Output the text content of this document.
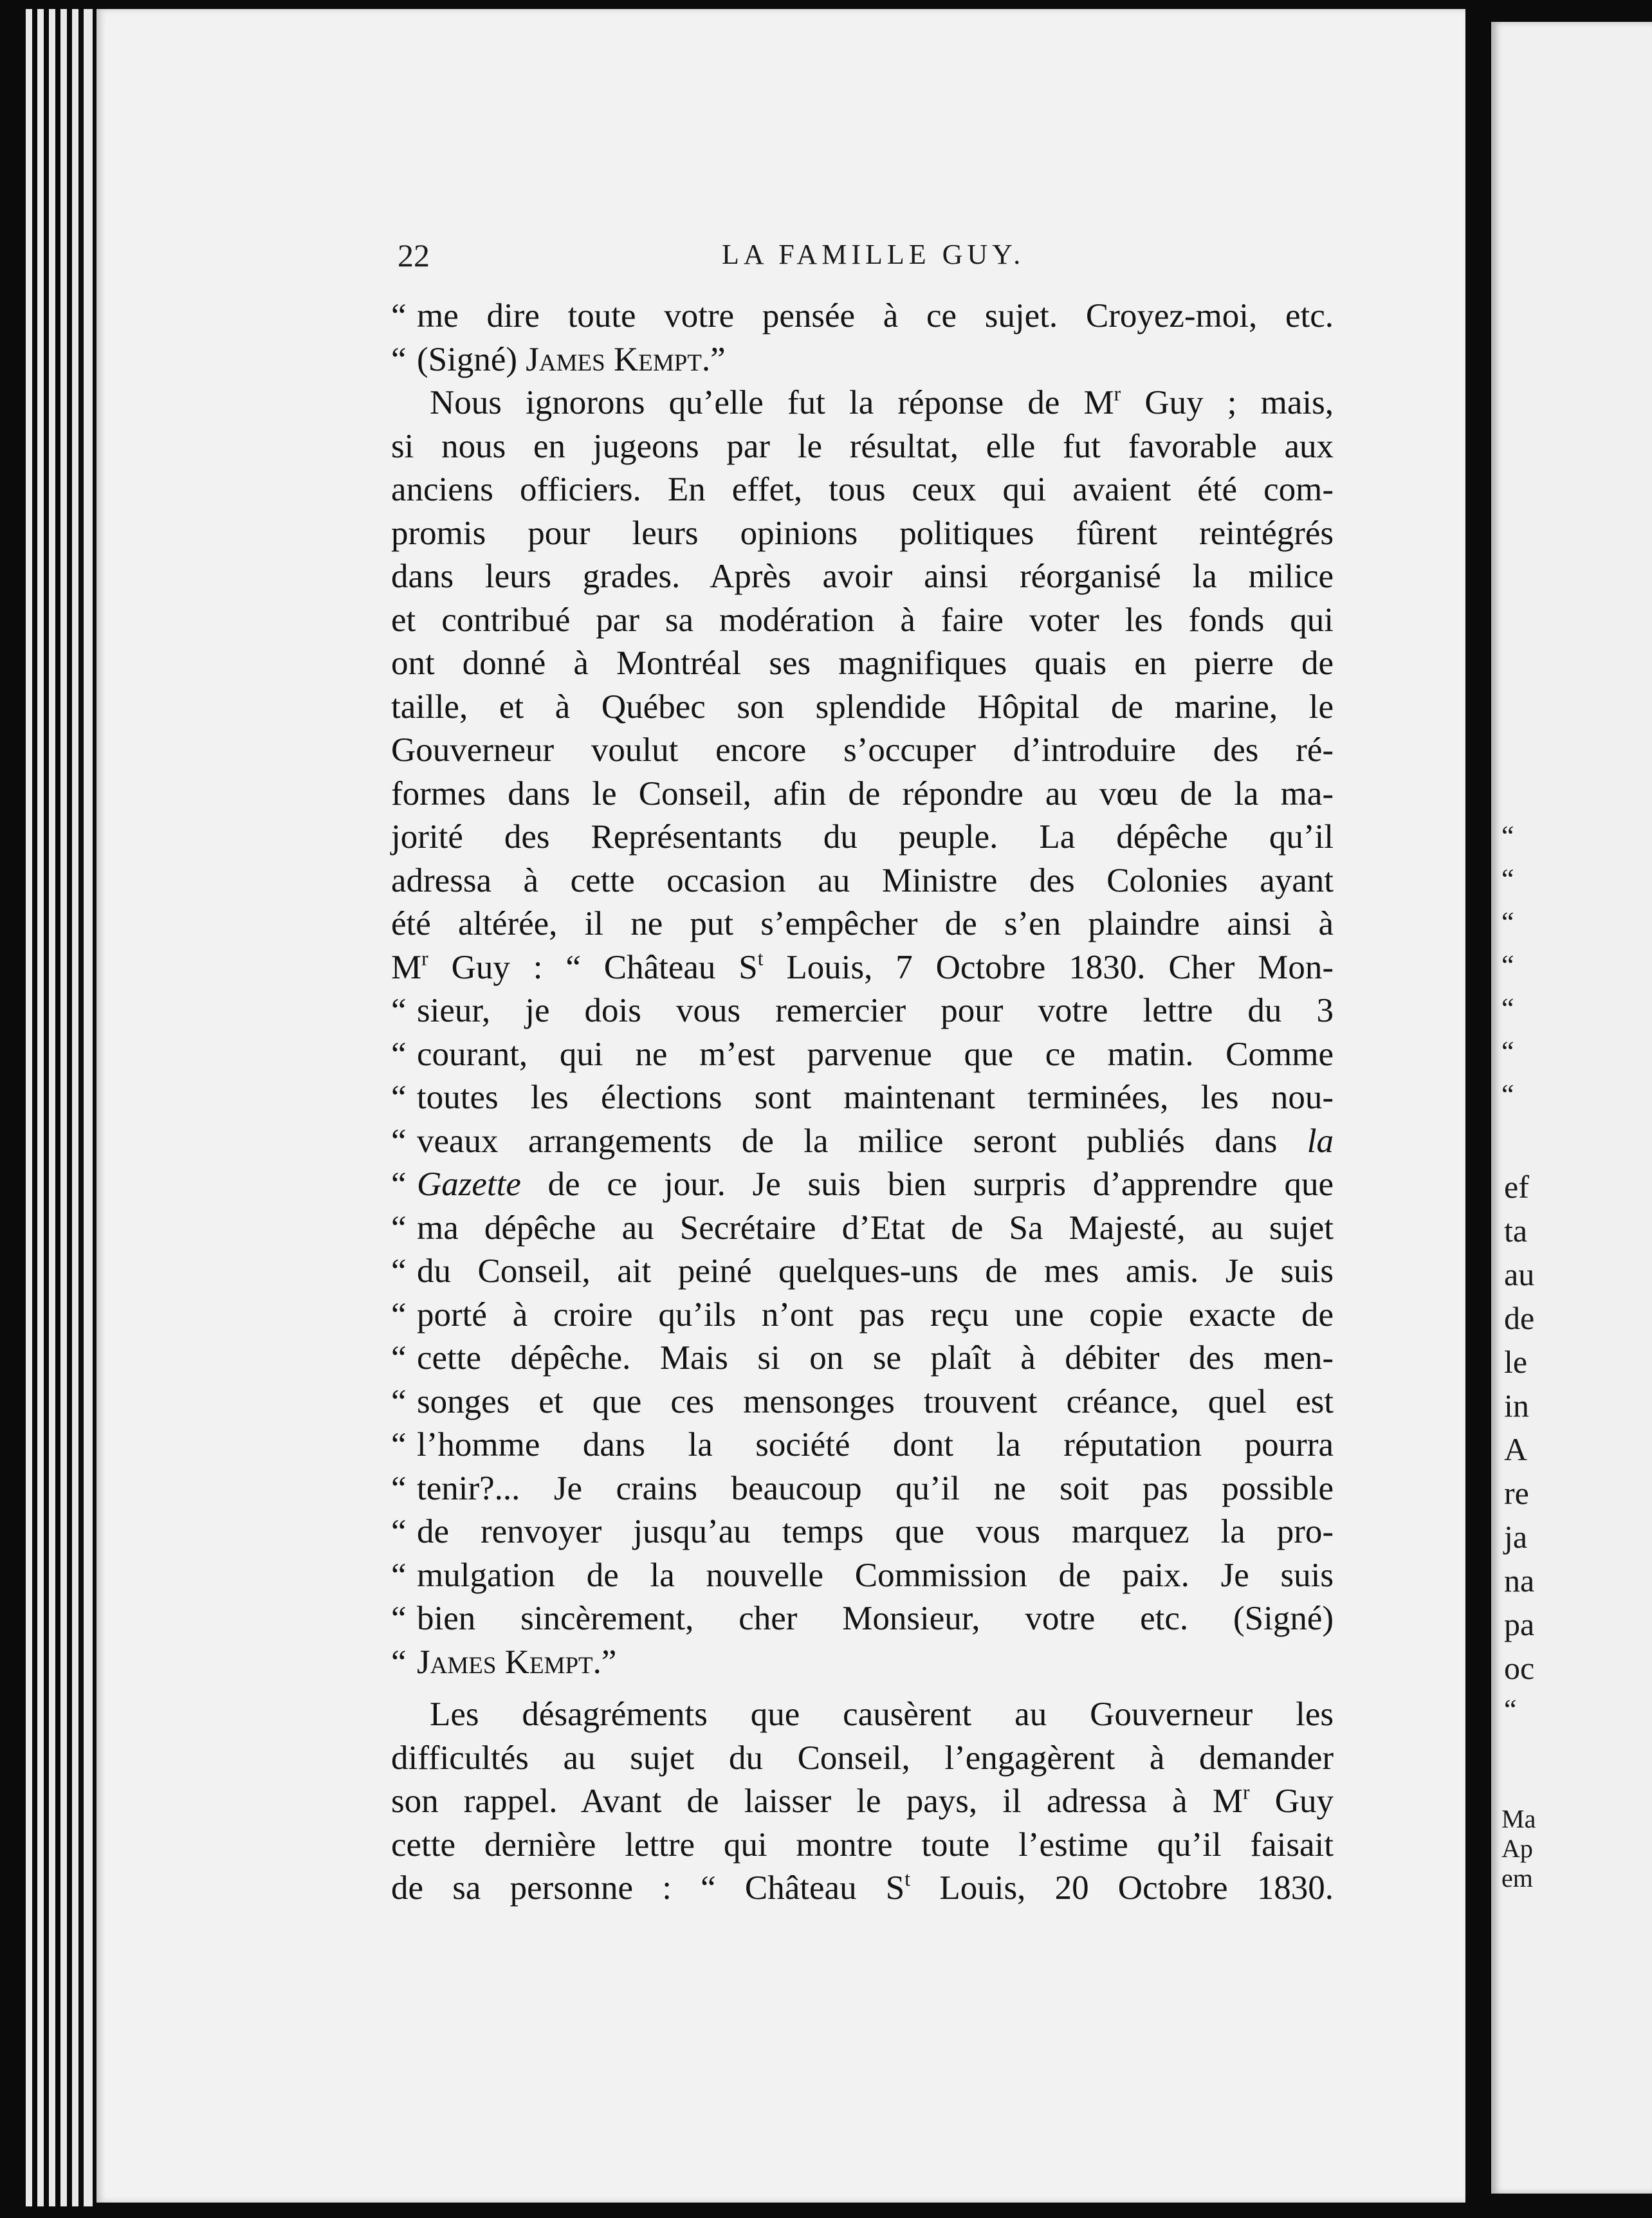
22	LA FAMILLE GUY.
“ me dire toute votre pensée à ce sujet. Croyez-moi, etc.
“ (Signé) James Kempt.”
Nous ignorons qu’elle fut la réponse de $M^r$ Guy ; mais,
si nous en jugeons par le résultat, elle fut favorable aux
anciens officiers. En effet, tous ceux qui avaient été com-
promis pour leurs opinions politiques fûrent reintégrés
dans leurs grades. Après avoir ainsi réorganisé la milice
et contribué par sa modération à faire voter les fonds qui
ont donné à Montréal ses magnifiques quais en pierre de
taille, et à Québec son splendide Hôpital de marine, le
Gouverneur voulut encore s’occuper d’introduire des ré-
formes dans le Conseil, afin de répondre au vœu de la ma-
jorité des Représentants du peuple. La dépêche qu’il
adressa à cette occasion au Ministre des Colonies ayant
été altérée, il ne put s’empêcher de s’en plaindre ainsi à
$M^r$ Guy : “ Château $S^t$ Louis, 7 Octobre 1830. Cher Mon-
“ sieur, je dois vous remercier pour votre lettre du 3
“ courant, qui ne m’est parvenue que ce matin. Comme
“ toutes les élections sont maintenant terminées, les nou-
“ veaux arrangements de la milice seront publiés dans la
“ Gazette de ce jour. Je suis bien surpris d’apprendre que
“ ma dépêche au Secrétaire d’Etat de Sa Majesté, au sujet
“ du Conseil, ait peiné quelques-uns de mes amis. Je suis
“ porté à croire qu’ils n’ont pas reçu une copie exacte de
“ cette dépêche. Mais si on se plaît à débiter des men-
“ songes et que ces mensonges trouvent créance, quel est
“ l’homme dans la société dont la réputation pourra
“ tenir?... Je crains beaucoup qu’il ne soit pas possible
“ de renvoyer jusqu’au temps que vous marquez la pro-
“ mulgation de la nouvelle Commission de paix. Je suis
“ bien sincèrement, cher Monsieur, votre etc. (Signé)
“ James Kempt.”
Les désagréments que causèrent au Gouverneur les
difficultés au sujet du Conseil, l’engagèrent à demander
son rappel. Avant de laisser le pays, il adressa à $M^r$ Guy
cette dernière lettre qui montre toute l’estime qu’il faisait
de sa personne : “ Château $S^t$ Louis, 20 Octobre 1830.
“
“
“
“
“
“
“
ef
ta
au
de
le
in
A
re
ja
na
pa
oc
“
Ma
Ap
em
